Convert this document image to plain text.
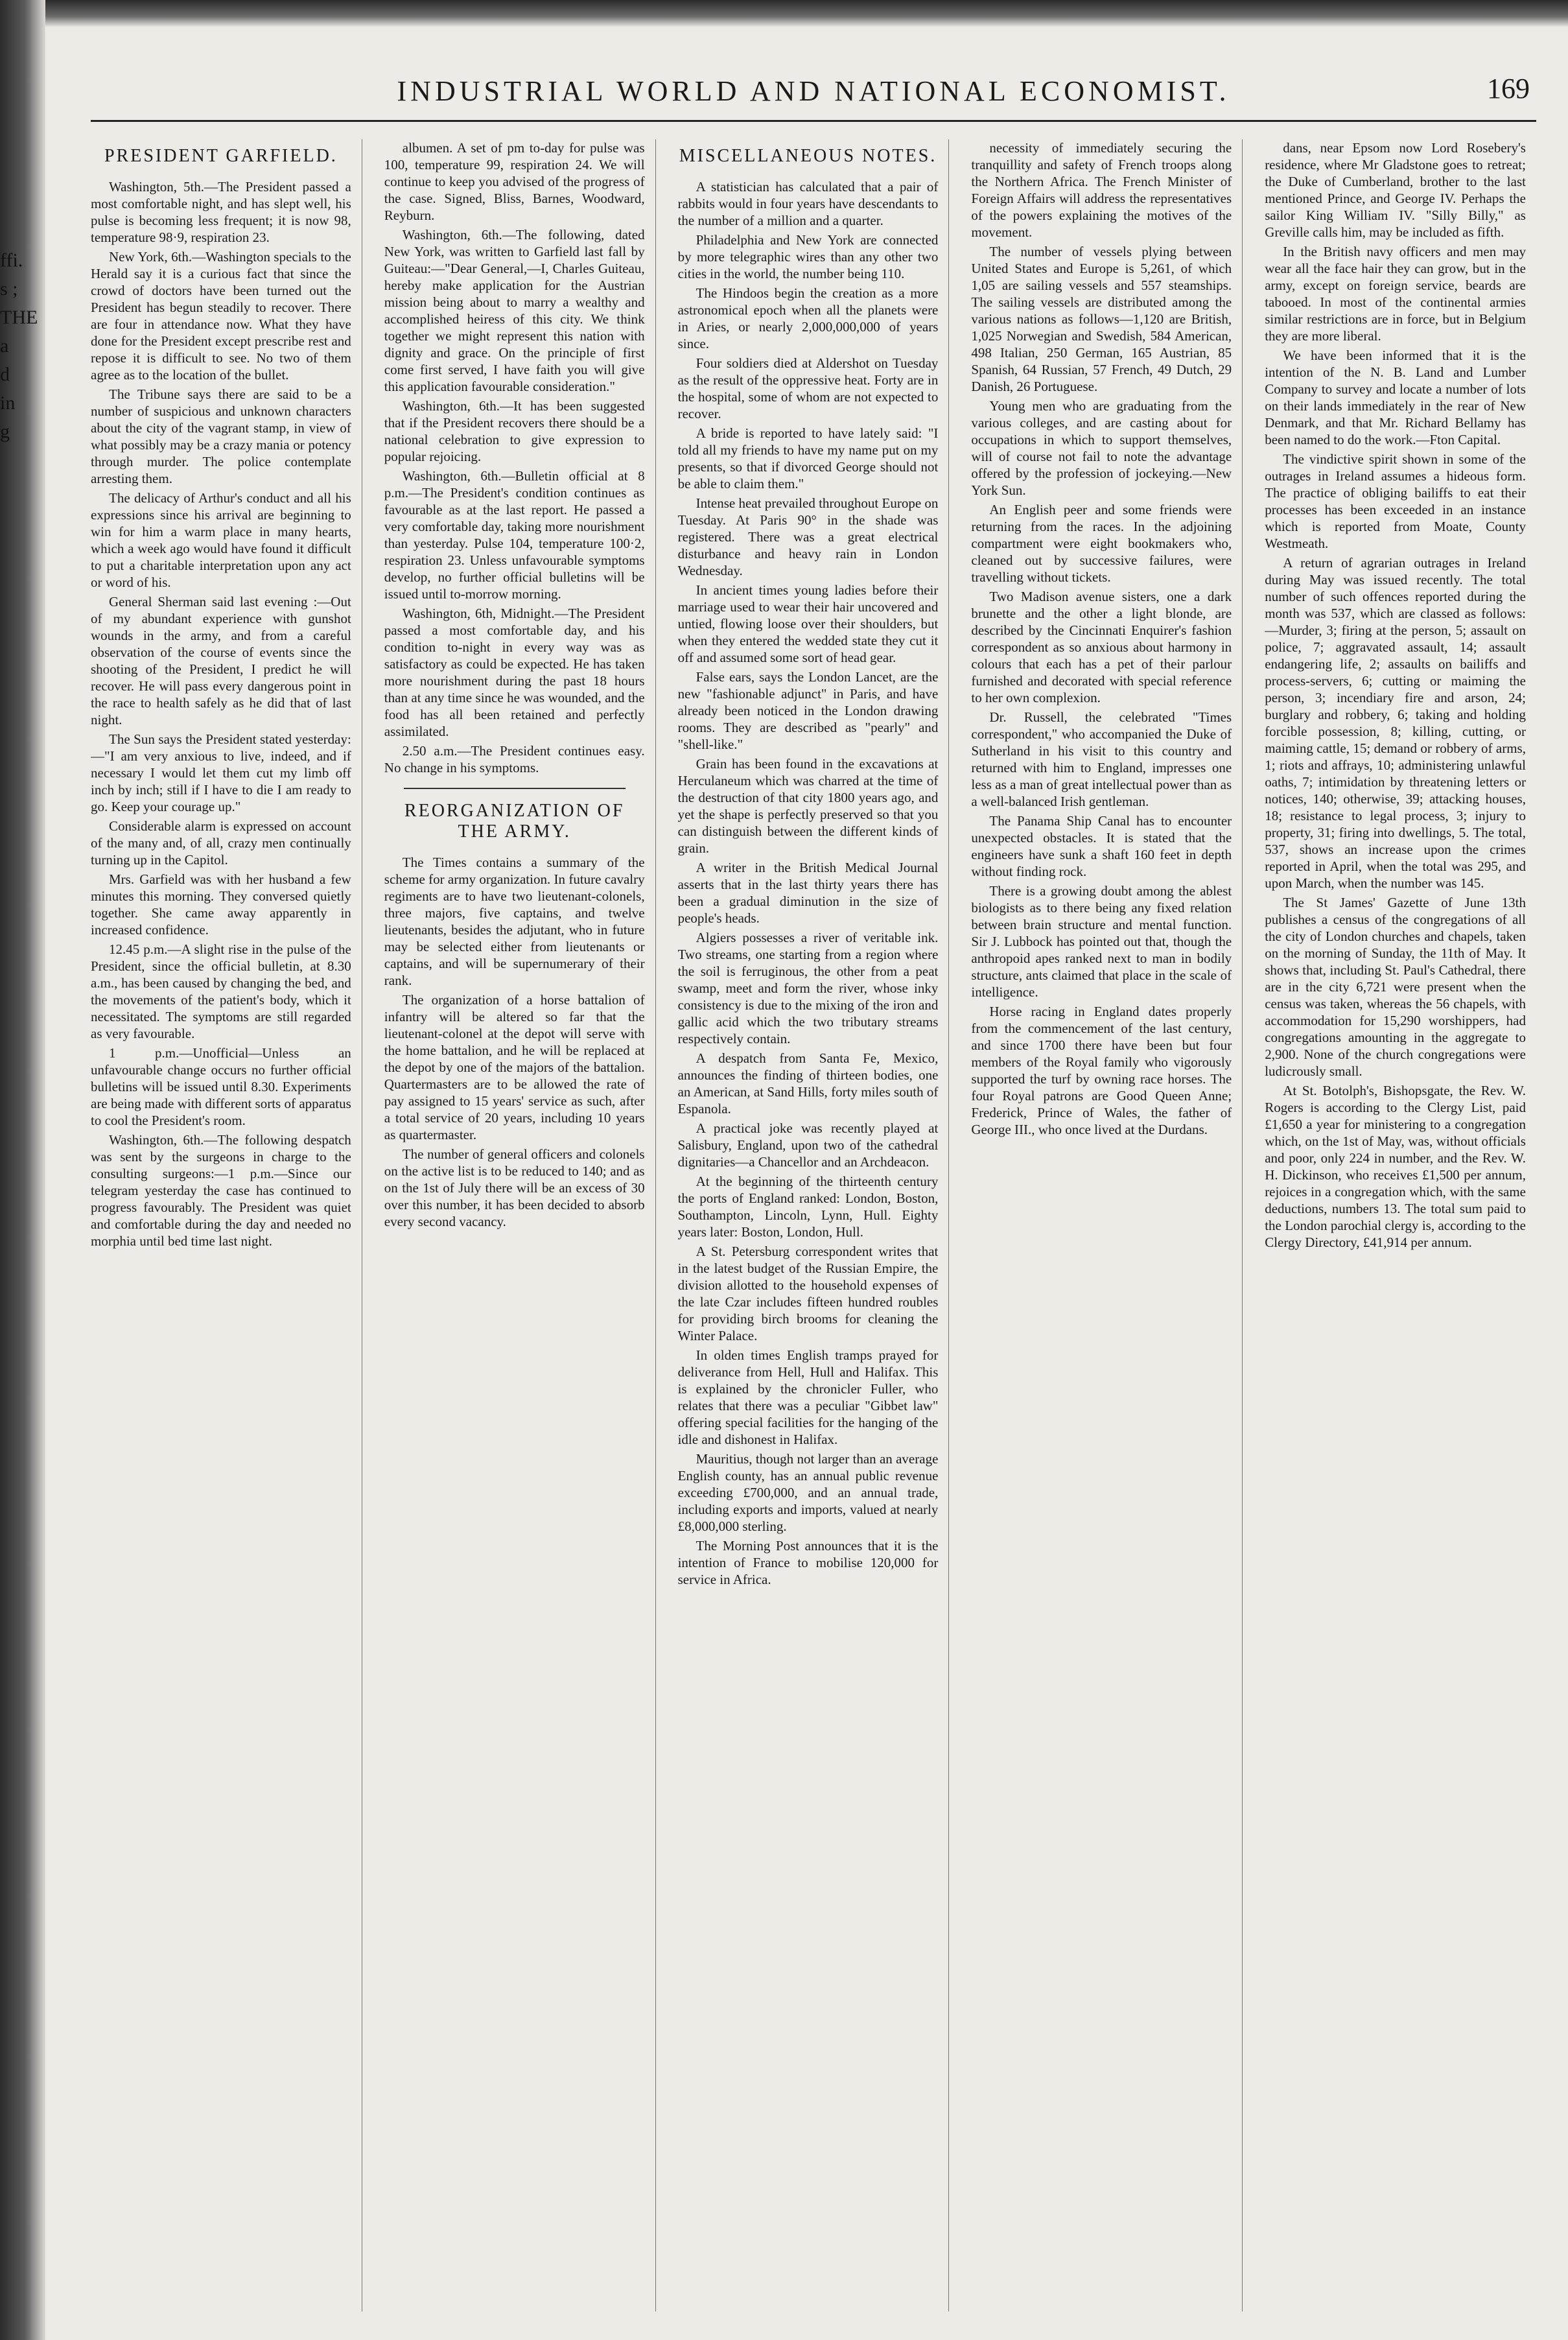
ffi.
s ;
THE
a
d
in
g
INDUSTRIAL WORLD AND NATIONAL ECONOMIST.	169
PRESIDENT GARFIELD.

Washington, 5th.—The President passed a most comfortable night, and has slept well, his pulse is becoming less frequent; it is now 98, temperature 98·9, respiration 23.

New York, 6th.—Washington specials to the Herald say it is a curious fact that since the crowd of doctors have been turned out the President has begun steadily to recover. There are four in attendance now. What they have done for the President except prescribe rest and repose it is difficult to see. No two of them agree as to the location of the bullet.

The Tribune says there are said to be a number of suspicious and unknown characters about the city of the vagrant stamp, in view of what possibly may be a crazy mania or potency through murder. The police contemplate arresting them.

The delicacy of Arthur's conduct and all his expressions since his arrival are beginning to win for him a warm place in many hearts, which a week ago would have found it difficult to put a charitable interpretation upon any act or word of his.

General Sherman said last evening :—Out of my abundant experience with gunshot wounds in the army, and from a careful observation of the course of events since the shooting of the President, I predict he will recover. He will pass every dangerous point in the race to health safely as he did that of last night.

The Sun says the President stated yesterday:—"I am very anxious to live, indeed, and if necessary I would let them cut my limb off inch by inch; still if I have to die I am ready to go. Keep your courage up."

Considerable alarm is expressed on account of the many and, of all, crazy men continually turning up in the Capitol.

Mrs. Garfield was with her husband a few minutes this morning. They conversed quietly together. She came away apparently in increased confidence.

12.45 p.m.—A slight rise in the pulse of the President, since the official bulletin, at 8.30 a.m., has been caused by changing the bed, and the movements of the patient's body, which it necessitated. The symptoms are still regarded as very favourable.

1 p.m.—Unofficial—Unless an unfavourable change occurs no further official bulletins will be issued until 8.30. Experiments are being made with different sorts of apparatus to cool the President's room.

Washington, 6th.—The following despatch was sent by the surgeons in charge to the consulting surgeons:—1 p.m.—Since our telegram yesterday the case has continued to progress favourably. The President was quiet and comfortable during the day and needed no morphia until bed time last night.

albumen. A set of pm to-day for pulse was 100, temperature 99, respiration 24. We will continue to keep you advised of the progress of the case. Signed, Bliss, Barnes, Woodward, Reyburn.

Washington, 6th.—The following, dated New York, was written to Garfield last fall by Guiteau:—"Dear General,—I, Charles Guiteau, hereby make application for the Austrian mission being about to marry a wealthy and accomplished heiress of this city. We think together we might represent this nation with dignity and grace. On the principle of first come first served, I have faith you will give this application favourable consideration."

Washington, 6th.—It has been suggested that if the President recovers there should be a national celebration to give expression to popular rejoicing.

Washington, 6th.—Bulletin official at 8 p.m.—The President's condition continues as favourable as at the last report. He passed a very comfortable day, taking more nourishment than yesterday. Pulse 104, temperature 100·2, respiration 23. Unless unfavourable symptoms develop, no further official bulletins will be issued until to-morrow morning.

Washington, 6th, Midnight.—The President passed a most comfortable day, and his condition to-night in every way was as satisfactory as could be expected. He has taken more nourishment during the past 18 hours than at any time since he was wounded, and the food has all been retained and perfectly assimilated.

2.50 a.m.—The President continues easy. No change in his symptoms.

REORGANIZATION OF THE ARMY.

The Times contains a summary of the scheme for army organization. In future cavalry regiments are to have two lieutenant-colonels, three majors, five captains, and twelve lieutenants, besides the adjutant, who in future may be selected either from lieutenants or captains, and will be supernumerary of their rank.

The organization of a horse battalion of infantry will be altered so far that the lieutenant-colonel at the depot will serve with the home battalion, and he will be replaced at the depot by one of the majors of the battalion. Quartermasters are to be allowed the rate of pay assigned to 15 years' service as such, after a total service of 20 years, including 10 years as quartermaster.

The number of general officers and colonels on the active list is to be reduced to 140; and as on the 1st of July there will be an excess of 30 over this number, it has been decided to absorb every second vacancy.

MISCELLANEOUS NOTES.

A statistician has calculated that a pair of rabbits would in four years have descendants to the number of a million and a quarter.

Philadelphia and New York are connected by more telegraphic wires than any other two cities in the world, the number being 110.

The Hindoos begin the creation as a more astronomical epoch when all the planets were in Aries, or nearly 2,000,000,000 of years since.

Four soldiers died at Aldershot on Tuesday as the result of the oppressive heat. Forty are in the hospital, some of whom are not expected to recover.

A bride is reported to have lately said: "I told all my friends to have my name put on my presents, so that if divorced George should not be able to claim them."

Intense heat prevailed throughout Europe on Tuesday. At Paris 90° in the shade was registered. There was a great electrical disturbance and heavy rain in London Wednesday.

In ancient times young ladies before their marriage used to wear their hair uncovered and untied, flowing loose over their shoulders, but when they entered the wedded state they cut it off and assumed some sort of head gear.

False ears, says the London Lancet, are the new "fashionable adjunct" in Paris, and have already been noticed in the London drawing rooms. They are described as "pearly" and "shell-like."

Grain has been found in the excavations at Herculaneum which was charred at the time of the destruction of that city 1800 years ago, and yet the shape is perfectly preserved so that you can distinguish between the different kinds of grain.

A writer in the British Medical Journal asserts that in the last thirty years there has been a gradual diminution in the size of people's heads.

Algiers possesses a river of veritable ink. Two streams, one starting from a region where the soil is ferruginous, the other from a peat swamp, meet and form the river, whose inky consistency is due to the mixing of the iron and gallic acid which the two tributary streams respectively contain.

A despatch from Santa Fe, Mexico, announces the finding of thirteen bodies, one an American, at Sand Hills, forty miles south of Espanola.

A practical joke was recently played at Salisbury, England, upon two of the cathedral dignitaries—a Chancellor and an Archdeacon.

At the beginning of the thirteenth century the ports of England ranked: London, Boston, Southampton, Lincoln, Lynn, Hull. Eighty years later: Boston, London, Hull.

A St. Petersburg correspondent writes that in the latest budget of the Russian Empire, the division allotted to the household expenses of the late Czar includes fifteen hundred roubles for providing birch brooms for cleaning the Winter Palace.

In olden times English tramps prayed for deliverance from Hell, Hull and Halifax. This is explained by the chronicler Fuller, who relates that there was a peculiar "Gibbet law" offering special facilities for the hanging of the idle and dishonest in Halifax.

Mauritius, though not larger than an average English county, has an annual public revenue exceeding £700,000, and an annual trade, including exports and imports, valued at nearly £8,000,000 sterling.

The Morning Post announces that it is the intention of France to mobilise 120,000 for service in Africa.

necessity of immediately securing the tranquillity and safety of French troops along the Northern Africa. The French Minister of Foreign Affairs will address the representatives of the powers explaining the motives of the movement.

The number of vessels plying between United States and Europe is 5,261, of which 1,05 are sailing vessels and 557 steamships. The sailing vessels are distributed among the various nations as follows—1,120 are British, 1,025 Norwegian and Swedish, 584 American, 498 Italian, 250 German, 165 Austrian, 85 Spanish, 64 Russian, 57 French, 49 Dutch, 29 Danish, 26 Portuguese.

Young men who are graduating from the various colleges, and are casting about for occupations in which to support themselves, will of course not fail to note the advantage offered by the profession of jockeying.—New York Sun.

An English peer and some friends were returning from the races. In the adjoining compartment were eight bookmakers who, cleaned out by successive failures, were travelling without tickets.

Two Madison avenue sisters, one a dark brunette and the other a light blonde, are described by the Cincinnati Enquirer's fashion correspondent as so anxious about harmony in colours that each has a pet of their parlour furnished and decorated with special reference to her own complexion.

Dr. Russell, the celebrated "Times correspondent," who accompanied the Duke of Sutherland in his visit to this country and returned with him to England, impresses one less as a man of great intellectual power than as a well-balanced Irish gentleman.

The Panama Ship Canal has to encounter unexpected obstacles. It is stated that the engineers have sunk a shaft 160 feet in depth without finding rock.

There is a growing doubt among the ablest biologists as to there being any fixed relation between brain structure and mental function. Sir J. Lubbock has pointed out that, though the anthropoid apes ranked next to man in bodily structure, ants claimed that place in the scale of intelligence.

Horse racing in England dates properly from the commencement of the last century, and since 1700 there have been but four members of the Royal family who vigorously supported the turf by owning race horses. The four Royal patrons are Good Queen Anne; Frederick, Prince of Wales, the father of George III., who once lived at the Durdans.

dans, near Epsom now Lord Rosebery's residence, where Mr Gladstone goes to retreat; the Duke of Cumberland, brother to the last mentioned Prince, and George IV. Perhaps the sailor King William IV. "Silly Billy," as Greville calls him, may be included as fifth.

In the British navy officers and men may wear all the face hair they can grow, but in the army, except on foreign service, beards are tabooed. In most of the continental armies similar restrictions are in force, but in Belgium they are more liberal.

We have been informed that it is the intention of the N. B. Land and Lumber Company to survey and locate a number of lots on their lands immediately in the rear of New Denmark, and that Mr. Richard Bellamy has been named to do the work.—Fton Capital.

The vindictive spirit shown in some of the outrages in Ireland assumes a hideous form. The practice of obliging bailiffs to eat their processes has been exceeded in an instance which is reported from Moate, County Westmeath.

A return of agrarian outrages in Ireland during May was issued recently. The total number of such offences reported during the month was 537, which are classed as follows:—Murder, 3; firing at the person, 5; assault on police, 7; aggravated assault, 14; assault endangering life, 2; assaults on bailiffs and process-servers, 6; cutting or maiming the person, 3; incendiary fire and arson, 24; burglary and robbery, 6; taking and holding forcible possession, 8; killing, cutting, or maiming cattle, 15; demand or robbery of arms, 1; riots and affrays, 10; administering unlawful oaths, 7; intimidation by threatening letters or notices, 140; otherwise, 39; attacking houses, 18; resistance to legal process, 3; injury to property, 31; firing into dwellings, 5. The total, 537, shows an increase upon the crimes reported in April, when the total was 295, and upon March, when the number was 145.

The St James' Gazette of June 13th publishes a census of the congregations of all the city of London churches and chapels, taken on the morning of Sunday, the 11th of May. It shows that, including St. Paul's Cathedral, there are in the city 6,721 were present when the census was taken, whereas the 56 chapels, with accommodation for 15,290 worshippers, had congregations amounting in the aggregate to 2,900. None of the church congregations were ludicrously small.

At St. Botolph's, Bishopsgate, the Rev. W. Rogers is according to the Clergy List, paid £1,650 a year for ministering to a congregation which, on the 1st of May, was, without officials and poor, only 224 in number, and the Rev. W. H. Dickinson, who receives £1,500 per annum, rejoices in a congregation which, with the same deductions, numbers 13. The total sum paid to the London parochial clergy is, according to the Clergy Directory, £41,914 per annum.
